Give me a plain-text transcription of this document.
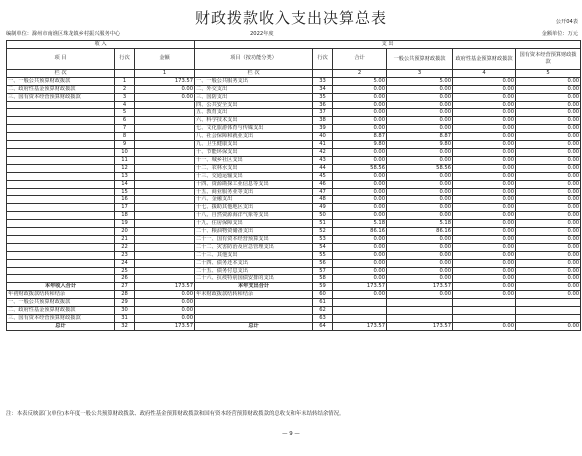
财政拨款收入支出决算总表	公开04表
编制单位：滁州市南谯区珠龙镇乡村振兴服务中心	2022年度	金额单位：万元
收 入			支 出					
项 目	行次	金额	项目（按功能分类）	行次	合计	一般公共预算财政拨款	政府性基金预算财政拨款	国有资本经营预算财政拨款

栏 次		1	栏 次		2	3	4	5
一、一般公共预算财政拨款	1	173.57	一、一般公共服务支出	33	5.00	5.00	0.00	0.00
二、政府性基金预算财政拨款	2	0.00	二、外交支出	34	0.00	0.00	0.00	0.00
三、国有资本经营预算财政拨款	3	0.00	三、国防支出	35	0.00	0.00	0.00	0.00
	4		四、公共安全支出	36	0.00	0.00	0.00	0.00
	5		五、教育支出	37	0.00	0.00	0.00	0.00
	6		六、科学技术支出	38	0.00	0.00	0.00	0.00
	7		七、文化旅游体育与传媒支出	39	0.00	0.00	0.00	0.00
	8		八、社会保障和就业支出	40	8.87	8.87	0.00	0.00
	9		九、卫生健康支出	41	9.80	9.80	0.00	0.00
	10		十、节能环保支出	42	0.00	0.00	0.00	0.00
	11		十一、城乡社区支出	43	0.00	0.00	0.00	0.00
	12		十二、农林水支出	44	58.56	58.56	0.00	0.00
	13		十三、交通运输支出	45	0.00	0.00	0.00	0.00
	14		十四、资源勘探工业信息等支出	46	0.00	0.00	0.00	0.00
	15		十五、商业服务业等支出	47	0.00	0.00	0.00	0.00
	16		十六、金融支出	48	0.00	0.00	0.00	0.00
	17		十七、援助其他地区支出	49	0.00	0.00	0.00	0.00
	18		十八、自然资源海洋气象等支出	50	0.00	0.00	0.00	0.00
	19		十九、住房保障支出	51	5.18	5.18	0.00	0.00
	20		二十、粮油物资储备支出	52	86.16	86.16	0.00	0.00
	21		二十一、国有资本经营预算支出	53	0.00	0.00	0.00	0.00
	22		二十二、灾害防治及应急管理支出	54	0.00	0.00	0.00	0.00
	23		二十三、其他支出	55	0.00	0.00	0.00	0.00
	24		二十四、债务还本支出	56	0.00	0.00	0.00	0.00
	25		二十五、债务付息支出	57	0.00	0.00	0.00	0.00
	26		二十六、抗疫特别国债安排的支出	58	0.00	0.00	0.00	0.00
本年收入合计	27	173.57	本年支出合计	59	173.57	173.57	0.00	0.00
年初财政拨款结转和结余	28	0.00	年末财政拨款结转和结余	60	0.00	0.00	0.00	0.00
一、一般公共预算财政拨款	29	0.00		61				
二、政府性基金预算财政拨款	30	0.00		62				
三、国有资本经营预算财政拨款	31	0.00		63				
总计	32	173.57	总计	64	173.57	173.57	0.00	0.00
注：本表反映部门(单位)本年度一般公共预算财政拨款、政府性基金预算财政拨款和国有资本经营预算财政拨款的总收支和年末结转结余情况。
— 9 —
